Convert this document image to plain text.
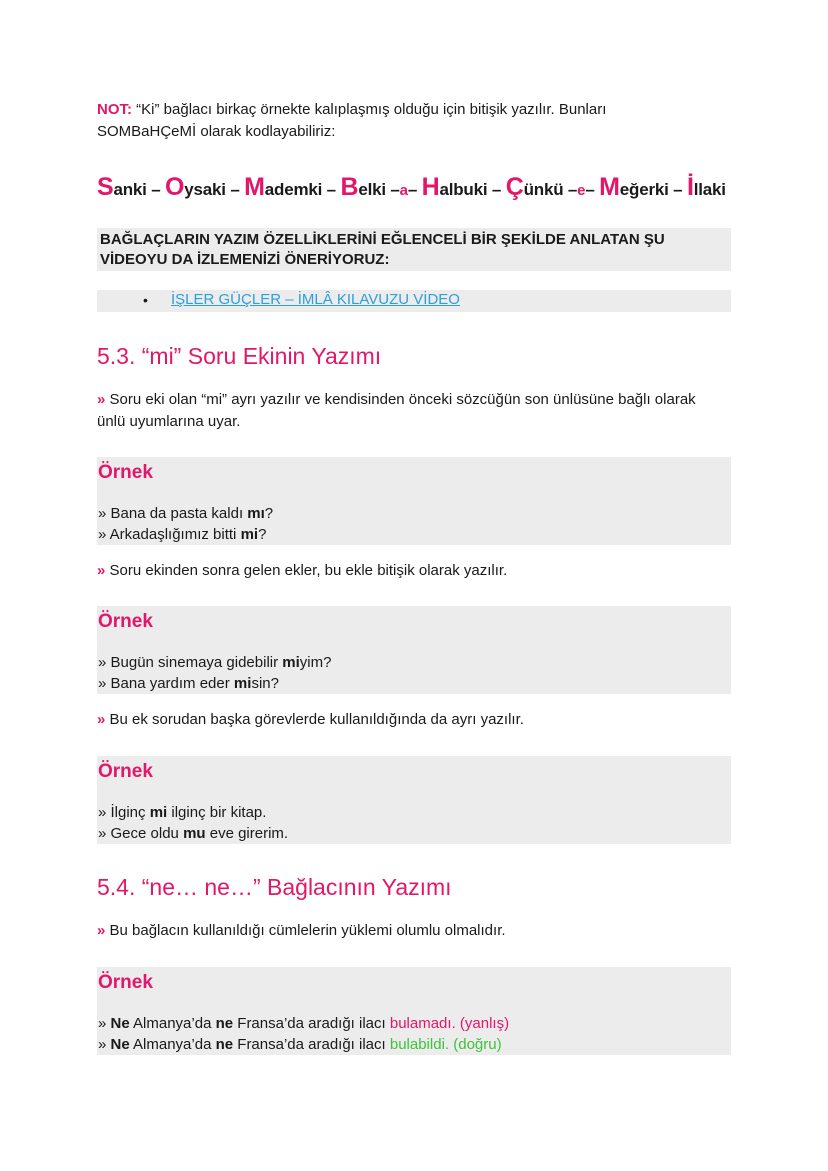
NOT: “Ki” bağlacı birkaç örnekte kalıplaşmış olduğu için bitişik yazılır. Bunları
SOMBaHÇeMİ olarak kodlayabiliriz:

Sanki – Oysaki – Mademki – Belki –a– Halbuki – Çünkü –e– Meğerki – İllaki

BAĞLAÇLARIN YAZIM ÖZELLİKLERİNİ EĞLENCELİ BİR ŞEKİLDE ANLATAN ŞU
VİDEOYU DA İZLEMENİZİ ÖNERİYORUZ:
• İŞLER GÜÇLER – İMLÂ KILAVUZU VİDEO
5.3. “mi” Soru Ekinin Yazımı

» Soru eki olan “mi” ayrı yazılır ve kendisinden önceki sözcüğün son ünlüsüne bağlı olarak
ünlü uyumlarına uyar.

Örnek
» Bana da pasta kaldı mı?
» Arkadaşlığımız bitti mi?

» Soru ekinden sonra gelen ekler, bu ekle bitişik olarak yazılır.

Örnek
» Bugün sinemaya gidebilir miyim?
» Bana yardım eder misin?

» Bu ek sorudan başka görevlerde kullanıldığında da ayrı yazılır.

Örnek
» İlginç mi ilginç bir kitap.
» Gece oldu mu eve girerim.
5.4. “ne… ne…” Bağlacının Yazımı

» Bu bağlacın kullanıldığı cümlelerin yüklemi olumlu olmalıdır.

Örnek
» Ne Almanya’da ne Fransa’da aradığı ilacı bulamadı. (yanlış)
» Ne Almanya’da ne Fransa’da aradığı ilacı bulabildi. (doğru)
